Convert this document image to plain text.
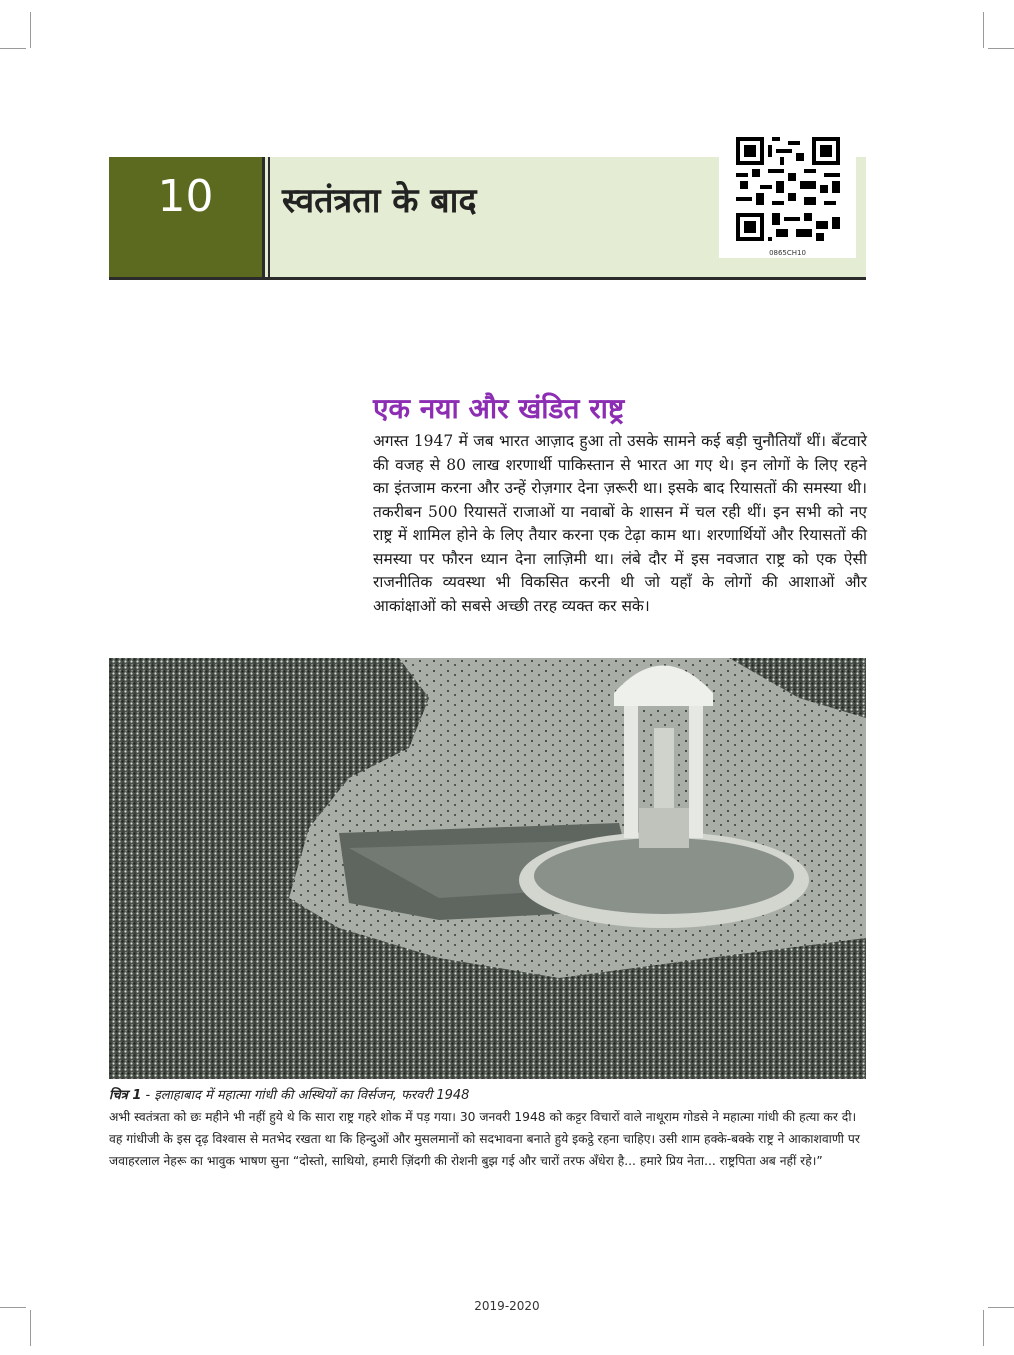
10	स्वतंत्रता के बाद
0865CH10
एक नया और खंडित राष्ट्र

अगस्त 1947 में जब भारत आज़ाद हुआ तो उसके सामने कई बड़ी चुनौतियाँ थीं। बँटवारे की वजह से 80 लाख शरणार्थी पाकिस्तान से भारत आ गए थे। इन लोगों के लिए रहने का इंतजाम करना और उन्हें रोज़गार देना ज़रूरी था। इसके बाद रियासतों की समस्या थी। तकरीबन 500 रियासतें राजाओं या नवाबों के शासन में चल रही थीं। इन सभी को नए राष्ट्र में शामिल होने के लिए तैयार करना एक टेढ़ा काम था। शरणार्थियों और रियासतों की समस्या पर फौरन ध्यान देना लाज़िमी था। लंबे दौर में इस नवजात राष्ट्र को एक ऐसी राजनीतिक व्यवस्था भी विकसित करनी थी जो यहाँ के लोगों की आशाओं और आकांक्षाओं को सबसे अच्छी तरह व्यक्त कर सके।

चित्र 1 - इलाहाबाद में महात्मा गांधी की अस्थियों का विर्सजन, फरवरी 1948

अभी स्वतंत्रता को छः महीने भी नहीं हुये थे कि सारा राष्ट्र गहरे शोक में पड़ गया। 30 जनवरी 1948 को कट्टर विचारों वाले नाथूराम गोडसे ने महात्मा गांधी की हत्या कर दी। वह गांधीजी के इस दृढ़ विश्वास से मतभेद रखता था कि हिन्दुओं और मुसलमानों को सदभावना बनाते हुये इकट्ठे रहना चाहिए। उसी शाम हक्के-बक्के राष्ट्र ने आकाशवाणी पर जवाहरलाल नेहरू का भावुक भाषण सुना “दोस्तो, साथियो, हमारी ज़िंदगी की रोशनी बुझ गई और चारों तरफ अँधेरा है... हमारे प्रिय नेता... राष्ट्रपिता अब नहीं रहे।”

2019-2020
